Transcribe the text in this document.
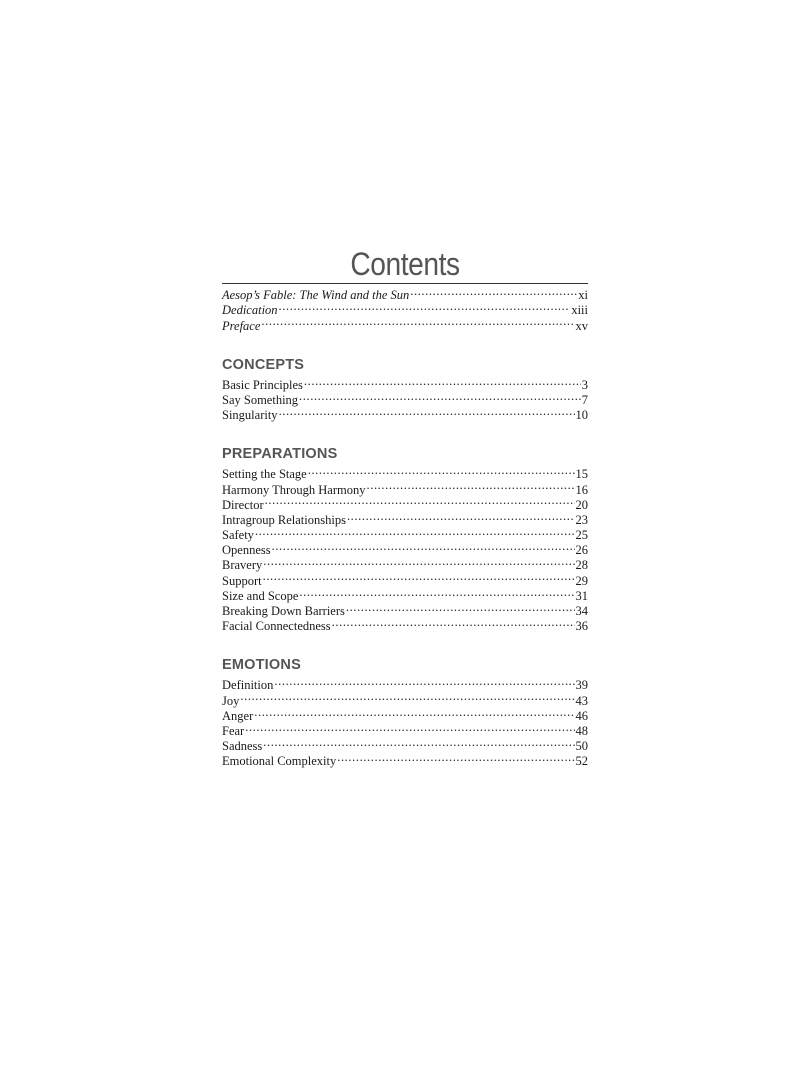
Contents
Aesop’s Fable: The Wind and the Sun .....	xi
Dedication .....	xiii
Preface .....	xv
CONCEPTS
Basic Principles .....	3
Say Something .....	7
Singularity .....	10
PREPARATIONS
Setting the Stage .....	15
Harmony Through Harmony .....	16
Director .....	20
Intragroup Relationships .....	23
Safety .....	25
Openness .....	26
Bravery .....	28
Support .....	29
Size and Scope .....	31
Breaking Down Barriers .....	34
Facial Connectedness .....	36
EMOTIONS
Definition .....	39
Joy .....	43
Anger .....	46
Fear .....	48
Sadness .....	50
Emotional Complexity .....	52
